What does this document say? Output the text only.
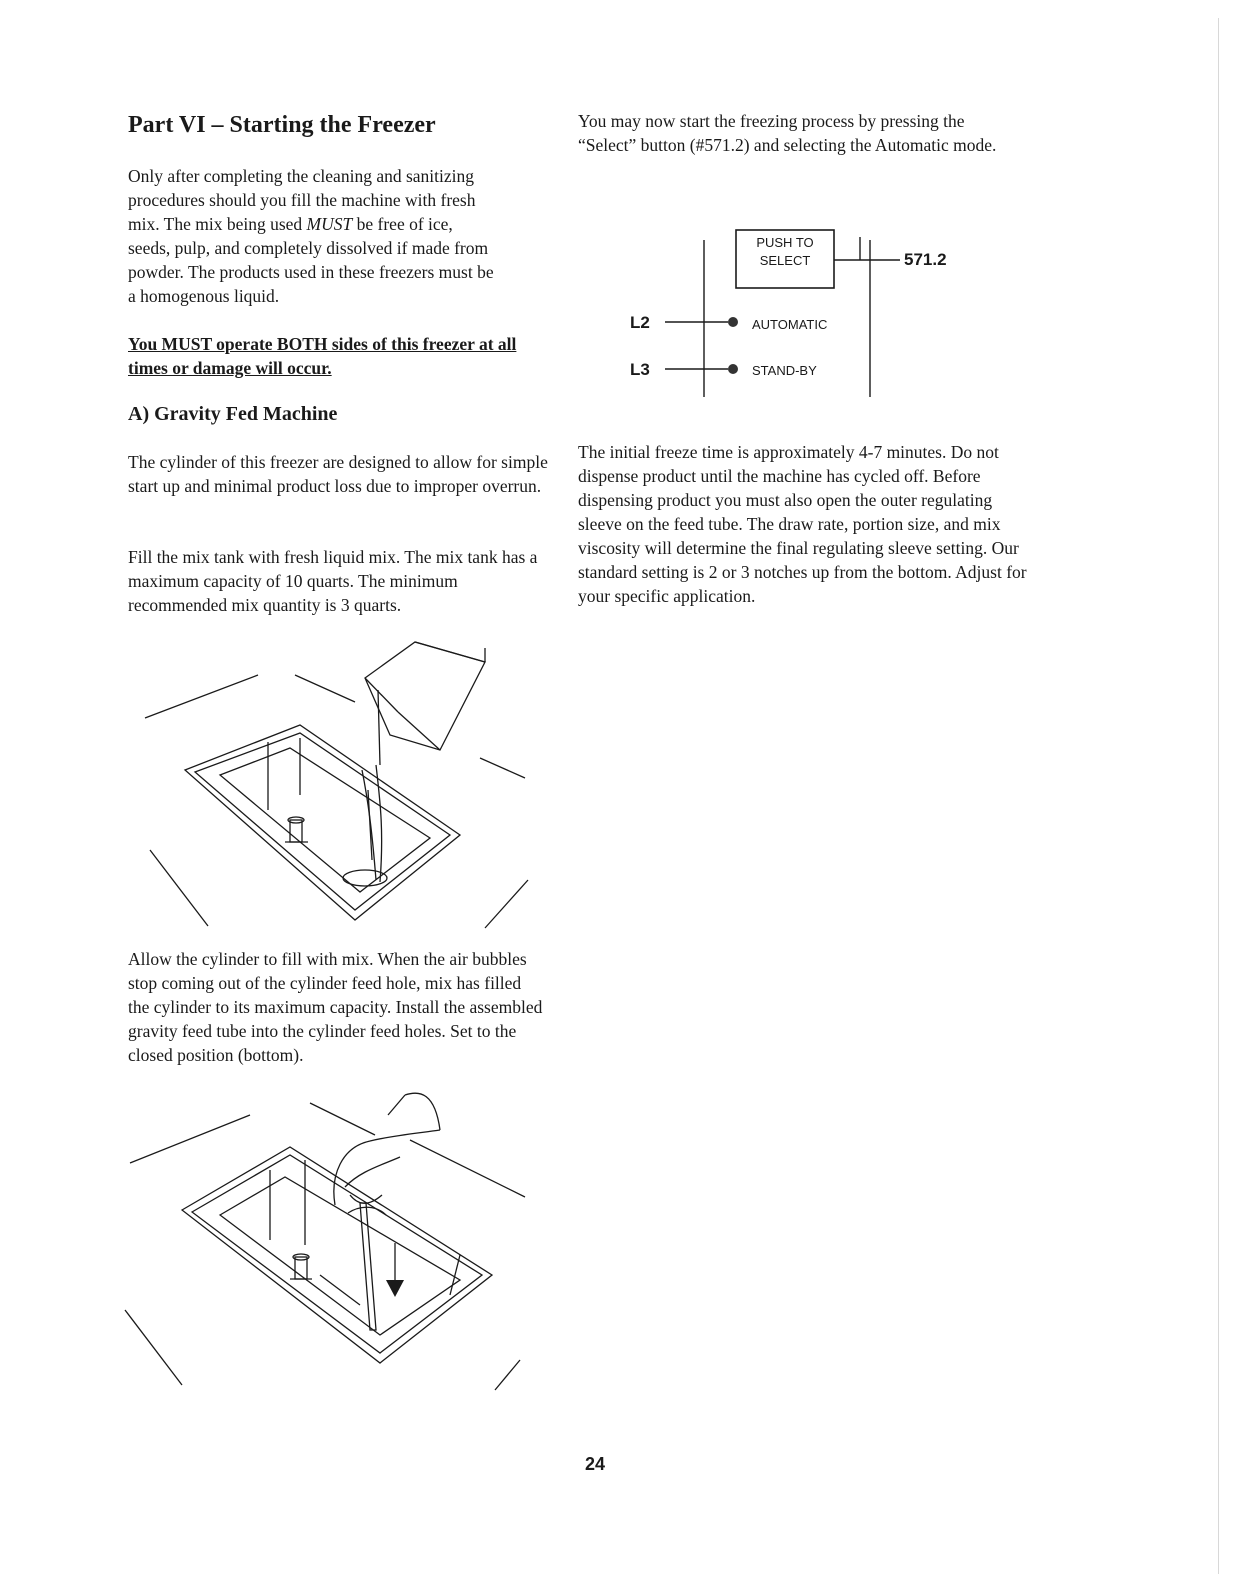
Part VI – Starting the Freezer

Only after completing the cleaning and sanitizing
procedures should you fill the machine with fresh
mix. The mix being used MUST be free of ice,
seeds, pulp, and completely dissolved if made from
powder. The products used in these freezers must be
a homogenous liquid.

You MUST operate BOTH sides of this freezer at all times or damage will occur.
A) Gravity Fed Machine

The cylinder of this freezer are designed to allow for simple start up and minimal product loss due to improper overrun.

Fill the mix tank with fresh liquid mix. The mix tank has a maximum capacity of 10 quarts. The minimum recommended mix quantity is 3 quarts.

Allow the cylinder to fill with mix. When the air bubbles stop coming out of the cylinder feed hole, mix has filled the cylinder to its maximum capacity. Install the assembled gravity feed tube into the cylinder feed holes. Set to the closed position (bottom).

You may now start the freezing process by pressing the “Select” button (#571.2) and selecting the Automatic mode.

PUSH TO
SELECT	571.2
L2
L3
AUTOMATIC
STAND-BY

The initial freeze time is approximately 4-7 minutes. Do not dispense product until the machine has cycled off. Before dispensing product you must also open the outer regulating sleeve on the feed tube. The draw rate, portion size, and mix viscosity will determine the final regulating sleeve setting. Our standard setting is 2 or 3 notches up from the bottom. Adjust for your specific application.

24
